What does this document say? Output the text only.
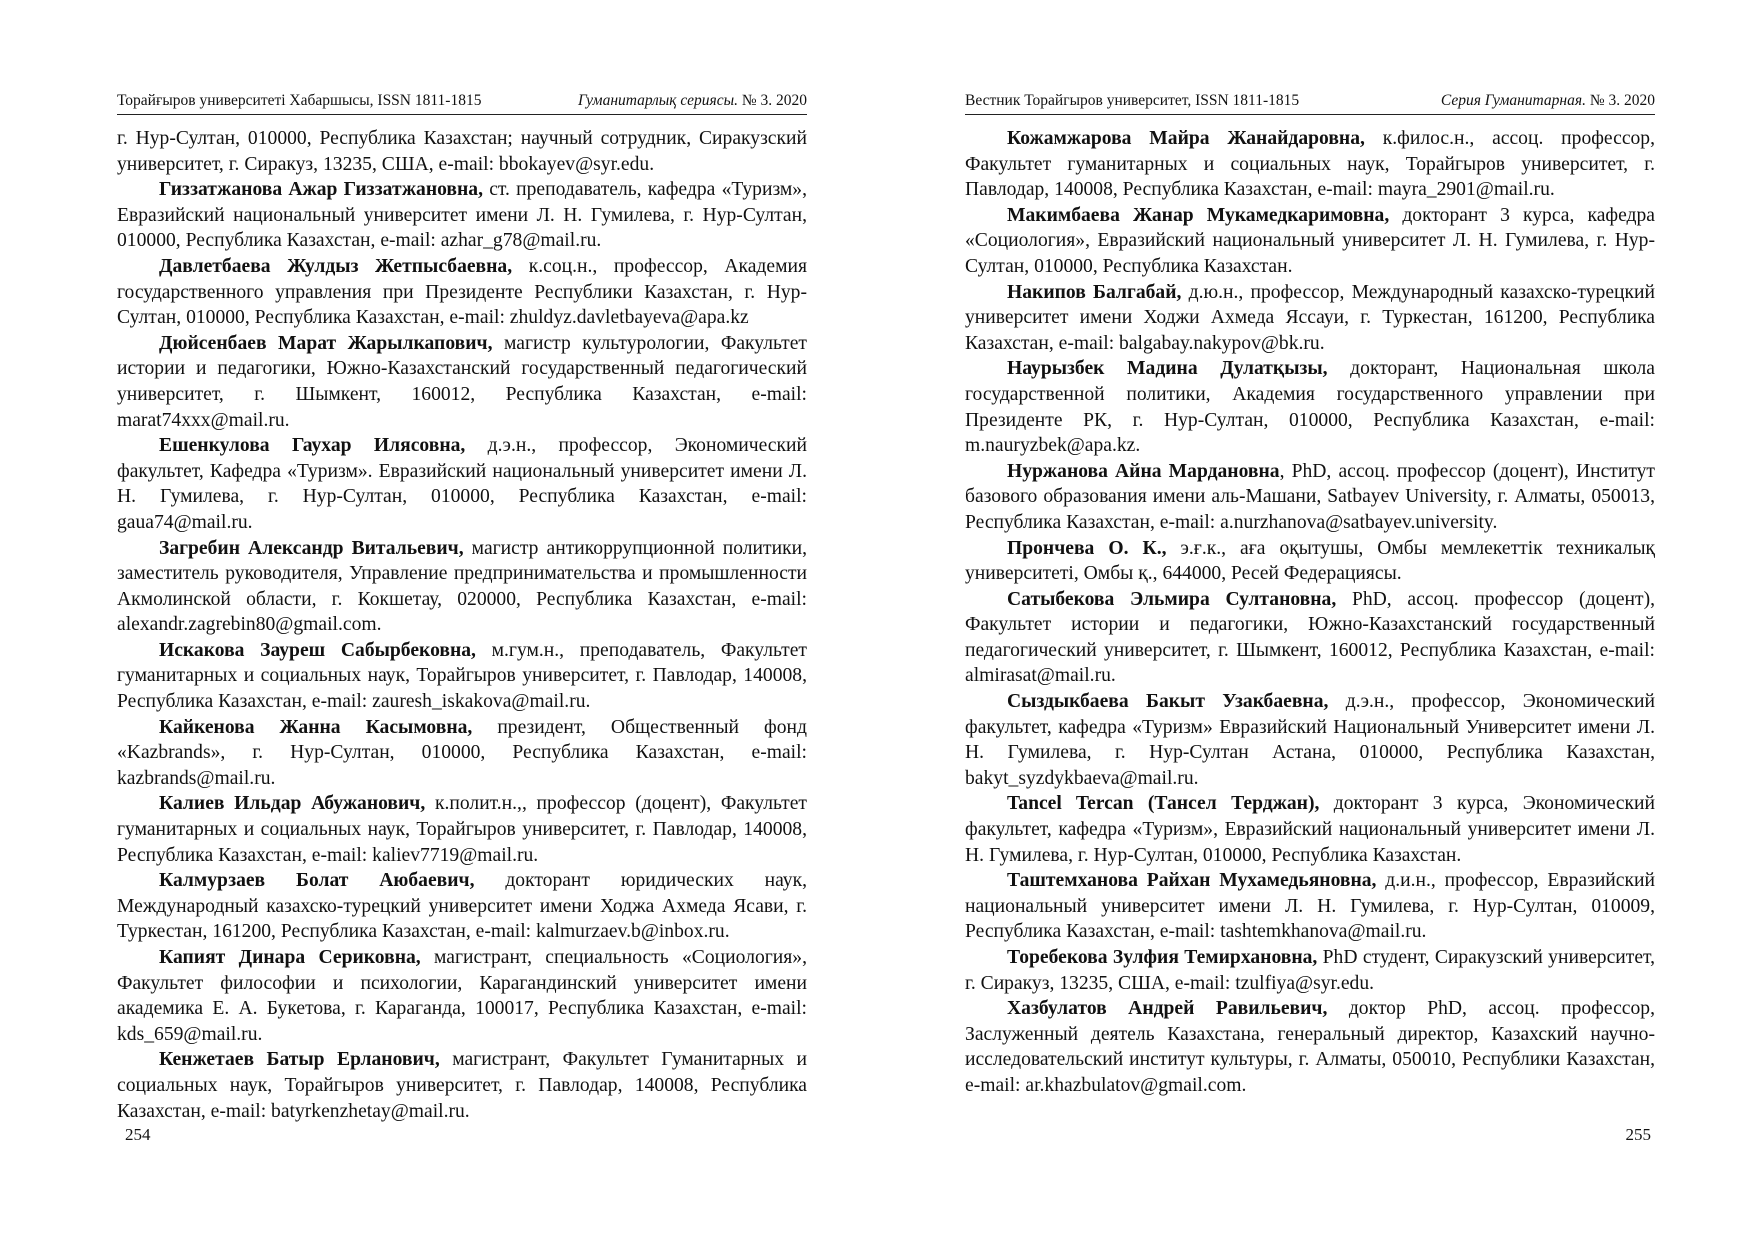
Торайғыров университеті Хабаршысы, ISSN 1811-1815	Гуманитарлық сериясы. № 3. 2020

г. Нур-Султан, 010000, Республика Казахстан; научный сотрудник, Сиракузский университет, г. Сиракуз, 13235, США, e-mail: bbokayev@syr.edu.

Гиззатжанова Ажар Гиззатжановна, ст. преподаватель, кафедра «Туризм», Евразийский национальный университет имени Л. Н. Гумилева, г. Нур-Султан, 010000, Республика Казахстан, e-mail: azhar_g78@mail.ru.

Давлетбаева Жулдыз Жетпысбаевна, к.соц.н., профессор, Академия государственного управления при Президенте Республики Казахстан, г. Нур-Султан, 010000, Республика Казахстан, e-mail: zhuldyz.davletbayeva@apa.kz

Дюйсенбаев Марат Жарылкапович, магистр культурологии, Факультет истории и педагогики, Южно-Казахстанский государственный педагогический университет, г. Шымкент, 160012, Республика Казахстан, e-mail: marat74xxx@mail.ru.

Ешенкулова Гаухар Илясовна, д.э.н., профессор, Экономический факультет, Кафедра «Туризм». Евразийский национальный университет имени Л. Н. Гумилева, г. Нур-Султан, 010000, Республика Казахстан, e-mail: gaua74@mail.ru.

Загребин Александр Витальевич, магистр антикоррупционной политики, заместитель руководителя, Управление предпринимательства и промышленности Акмолинской области, г. Кокшетау, 020000, Республика Казахстан, e-mail: alexandr.zagrebin80@gmail.com.

Искакова Зауреш Сабырбековна, м.гум.н., преподаватель, Факультет гуманитарных и социальных наук, Торайгыров университет, г. Павлодар, 140008, Республика Казахстан, e-mail: zauresh_iskakova@mail.ru.

Кайкенова Жанна Касымовна, президент, Общественный фонд «Kazbrands», г. Нур-Султан, 010000, Республика Казахстан, e-mail: kazbrands@mail.ru.

Калиев Ильдар Абужанович, к.полит.н.,, профессор (доцент), Факультет гуманитарных и социальных наук, Торайгыров университет, г. Павлодар, 140008, Республика Казахстан, e-mail: kaliev7719@mail.ru.

Калмурзаев Болат Аюбаевич, докторант юридических наук, Международный казахско-турецкий университет имени Ходжа Ахмеда Ясави, г. Туркестан, 161200, Республика Казахстан, e-mail: kalmurzaev.b@inbox.ru.

Капият Динара Сериковна, магистрант, специальность «Социология», Факультет философии и психологии, Карагандинский университет имени академика Е. А. Букетова, г. Караганда, 100017, Республика Казахстан, e-mail: kds_659@mail.ru.

Кенжетаев Батыр Ерланович, магистрант, Факультет Гуманитарных и социальных наук, Торайгыров университет, г. Павлодар, 140008, Республика Казахстан, e-mail: batyrkenzhetay@mail.ru.

254
Вестник Торайгыров университет, ISSN 1811-1815	Серия Гуманитарная. № 3. 2020

Кожамжарова Майра Жанайдаровна, к.филос.н., ассоц. профессор, Факультет гуманитарных и социальных наук, Торайгыров университет, г. Павлодар, 140008, Республика Казахстан, e-mail: mayra_2901@mail.ru.

Макимбаева Жанар Мукамедкаримовна, докторант 3 курса, кафедра «Социология», Евразийский национальный университет Л. Н. Гумилева, г. Нур-Султан, 010000, Республика Казахстан.

Накипов Балгабай, д.ю.н., профессор, Международный казахско-турецкий университет имени Ходжи Ахмеда Яссауи, г. Туркестан, 161200, Республика Казахстан, e-mail: balgabay.nakypov@bk.ru.

Наурызбек Мадина Дулатқызы, докторант, Национальная школа государственной политики, Академия государственного управлении при Президенте РК, г. Нур-Султан, 010000, Республика Казахстан, e-mail: m.nauryzbek@apa.kz.

Нуржанова Айна Мардановна, PhD, ассоц. профессор (доцент), Институт базового образования имени аль-Машани, Satbayev University, г. Алматы, 050013, Республика Казахстан, e-mail: a.nurzhanova@satbayev.university.

Прончева О. К., э.ғ.к., аға оқытушы, Омбы мемлекеттік техникалық университеті, Омбы қ., 644000, Ресей Федерациясы.

Сатыбекова Эльмира Султановна, PhD, ассоц. профессор (доцент), Факультет истории и педагогики, Южно-Казахстанский государственный педагогический университет, г. Шымкент, 160012, Республика Казахстан, e-mail: almirasat@mail.ru.

Сыздыкбаева Бакыт Узакбаевна, д.э.н., профессор, Экономический факультет, кафедра «Туризм» Евразийский Национальный Университет имени Л. Н. Гумилева, г. Нур-Султан Астана, 010000, Республика Казахстан, bakyt_syzdykbaeva@mail.ru.

Tancel Tercan (Тансел Терджан), докторант 3 курса, Экономический факультет, кафедра «Туризм», Евразийский национальный университет имени Л. Н. Гумилева, г. Нур-Султан, 010000, Республика Казахстан.

Таштемханова Райхан Мухамедьяновна, д.и.н., профессор, Евразийский национальный университет имени Л. Н. Гумилева, г. Нур-Султан, 010009, Республика Казахстан, e-mail: tashtemkhanova@mail.ru.

Торебекова Зулфия Темирхановна, PhD студент, Сиракузский университет, г. Сиракуз, 13235, США, e-mail: tzulfiya@syr.edu.

Хазбулатов Андрей Равильевич, доктор PhD, ассоц. профессор, Заслуженный деятель Казахстана, генеральный директор, Казахский научно-исследовательский институт культуры, г. Алматы, 050010, Республики Казахстан, e-mail: ar.khazbulatov@gmail.com.

255
